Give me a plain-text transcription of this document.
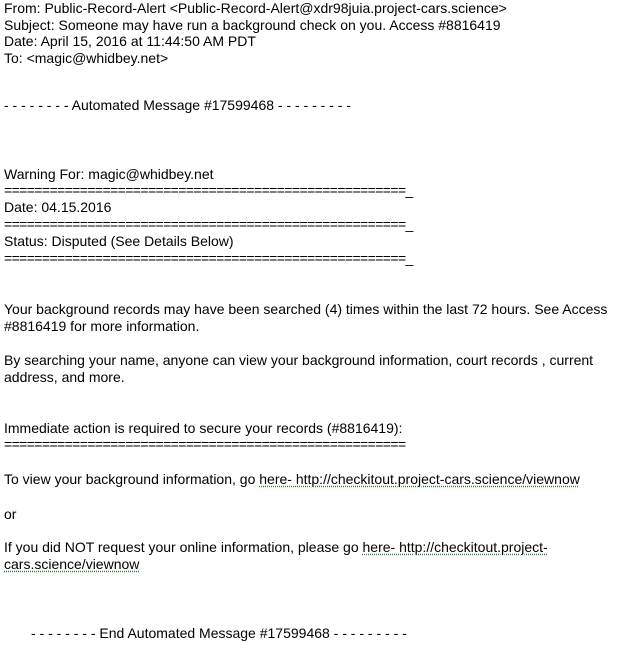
From: Public-Record-Alert <Public-Record-Alert@xdr98juia.project-cars.science>
Subject: Someone may have run a background check on you. Access #8816419
Date: April 15, 2016 at 11:44:50 AM PDT
To: <magic@whidbey.net>
- - - - - - - - Automated Message #17599468 - - - - - - - - -
Warning For: magic@whidbey.net
=====================================================_
Date: 04.15.2016
=====================================================_
Status: Disputed (See Details Below)
=====================================================_
Your background records may have been searched (4) times within the last 72 hours. See Access #8816419 for more information.
By searching your name, anyone can view your background information, court records , current address, and more.
Immediate action is required to secure your records (#8816419):
=====================================================
To view your background information, go here- http://checkitout.project-cars.science/viewnow
or
If you did NOT request your online information, please go here- http://checkitout.project-cars.science/viewnow
- - - - - - - - End Automated Message #17599468 - - - - - - - - -
